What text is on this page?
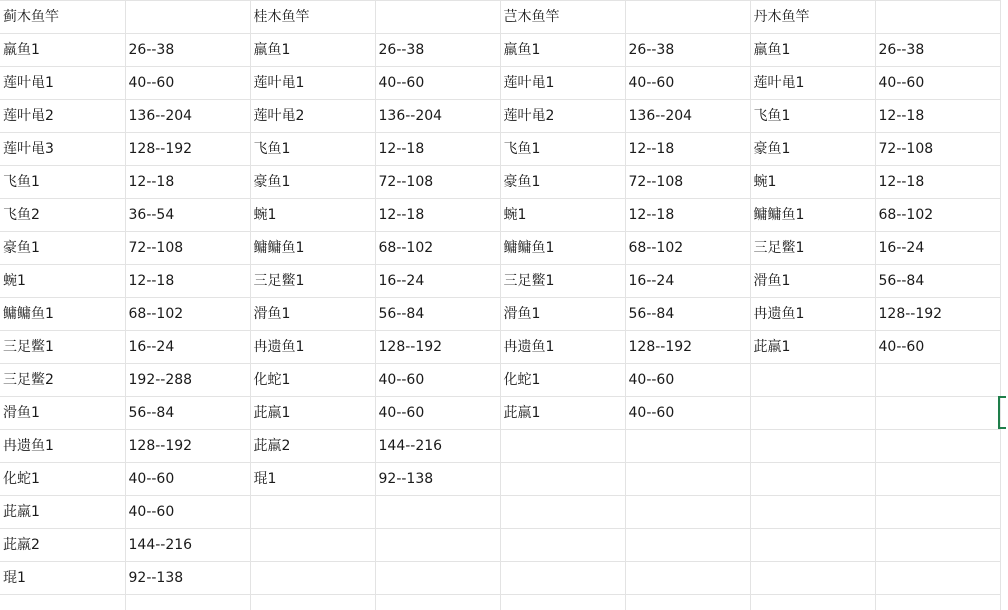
蓟木鱼竿		桂木鱼竿		芑木鱼竿		丹木鱼竿	
羸鱼1	26--38	羸鱼1	26--38	羸鱼1	26--38	羸鱼1	26--38
莲叶黾1	40--60	莲叶黾1	40--60	莲叶黾1	40--60	莲叶黾1	40--60
莲叶黾2	136--204	莲叶黾2	136--204	莲叶黾2	136--204	飞鱼1	12--18
莲叶黾3	128--192	飞鱼1	12--18	飞鱼1	12--18	豪鱼1	72--108
飞鱼1	12--18	豪鱼1	72--108	豪鱼1	72--108	蜿1	12--18
飞鱼2	36--54	蜿1	12--18	蜿1	12--18	鳙鳙鱼1	68--102
豪鱼1	72--108	鳙鳙鱼1	68--102	鳙鳙鱼1	68--102	三足鳖1	16--24
蜿1	12--18	三足鳖1	16--24	三足鳖1	16--24	滑鱼1	56--84
鳙鳙鱼1	68--102	滑鱼1	56--84	滑鱼1	56--84	冉遗鱼1	128--192
三足鳖1	16--24	冉遗鱼1	128--192	冉遗鱼1	128--192	茈羸1	40--60
三足鳖2	192--288	化蛇1	40--60	化蛇1	40--60		
滑鱼1	56--84	茈羸1	40--60	茈羸1	40--60		
冉遗鱼1	128--192	茈羸2	144--216				
化蛇1	40--60	琨1	92--138				
茈羸1	40--60						
茈羸2	144--216						
琨1	92--138						
